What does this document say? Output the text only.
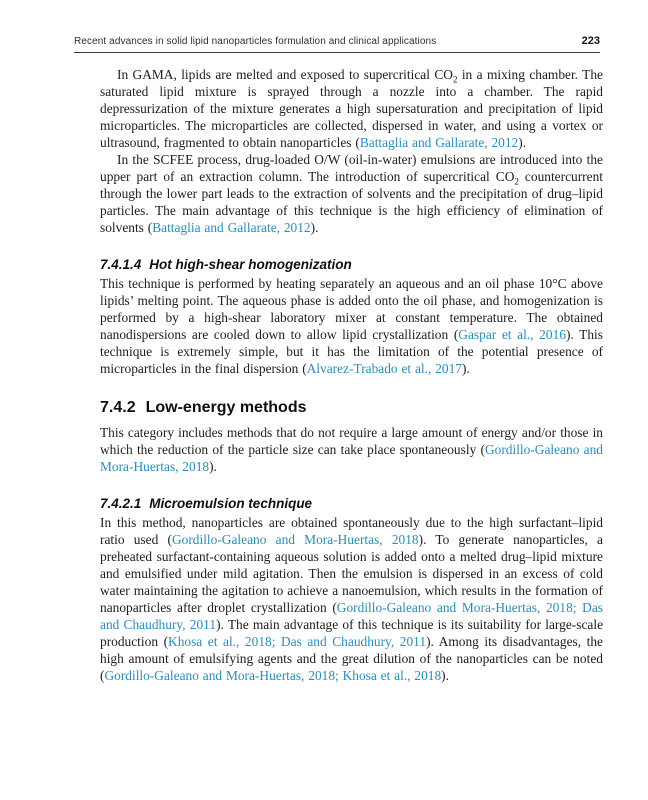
Recent advances in solid lipid nanoparticles formulation and clinical applications	223

In GAMA, lipids are melted and exposed to supercritical $CO_2$ in a mixing chamber. The saturated lipid mixture is sprayed through a nozzle into a chamber. The rapid depressurization of the mixture generates a high supersaturation and precipitation of lipid microparticles. The microparticles are collected, dispersed in water, and using a vortex or ultrasound, fragmented to obtain nanoparticles (Battaglia and Gallarate, 2012).

In the SCFEE process, drug-loaded O/W (oil-in-water) emulsions are introduced into the upper part of an extraction column. The introduction of supercritical $CO_2$ countercurrent through the lower part leads to the extraction of solvents and the precipitation of drug–lipid particles. The main advantage of this technique is the high efficiency of elimination of solvents (Battaglia and Gallarate, 2012).

7.4.1.4 Hot high-shear homogenization

This technique is performed by heating separately an aqueous and an oil phase 10°C above lipids’ melting point. The aqueous phase is added onto the oil phase, and homogenization is performed by a high-shear laboratory mixer at constant temperature. The obtained nanodispersions are cooled down to allow lipid crystallization (Gaspar et al., 2016). This technique is extremely simple, but it has the limitation of the potential presence of microparticles in the final dispersion (Alvarez-Trabado et al., 2017).

7.4.2 Low-energy methods

This category includes methods that do not require a large amount of energy and/or those in which the reduction of the particle size can take place spontaneously (Gordillo-Galeano and Mora-Huertas, 2018).

7.4.2.1 Microemulsion technique

In this method, nanoparticles are obtained spontaneously due to the high surfactant–lipid ratio used (Gordillo-Galeano and Mora-Huertas, 2018). To generate nanoparticles, a preheated surfactant-containing aqueous solution is added onto a melted drug–lipid mixture and emulsified under mild agitation. Then the emulsion is dispersed in an excess of cold water maintaining the agitation to achieve a nanoemulsion, which results in the formation of nanoparticles after droplet crystallization (Gordillo-Galeano and Mora-Huertas, 2018; Das and Chaudhury, 2011). The main advantage of this technique is its suitability for large-scale production (Khosa et al., 2018; Das and Chaudhury, 2011). Among its disadvantages, the high amount of emulsifying agents and the great dilution of the nanoparticles can be noted (Gordillo-Galeano and Mora-Huertas, 2018; Khosa et al., 2018).
